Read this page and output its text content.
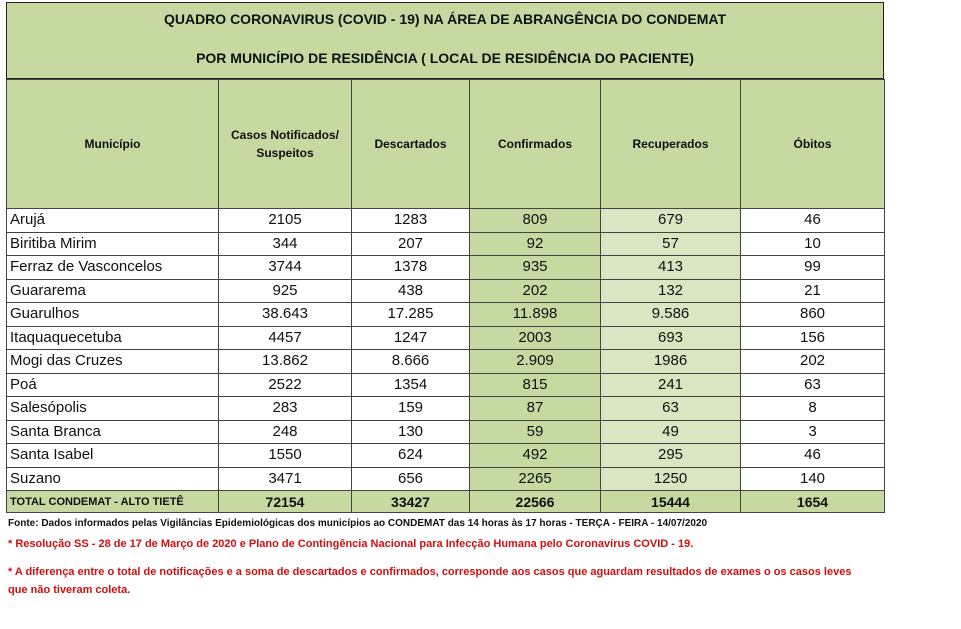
QUADRO CORONAVIRUS (COVID - 19) NA ÁREA DE ABRANGÊNCIA DO CONDEMAT
POR MUNICÍPIO DE RESIDÊNCIA ( LOCAL DE RESIDÊNCIA DO PACIENTE)
Município	Casos Notificados/ Suspeitos	Descartados	Confirmados	Recuperados	Óbitos
Arujá	2105	1283	809	679	46
Biritiba Mirim	344	207	92	57	10
Ferraz de Vasconcelos	3744	1378	935	413	99
Guararema	925	438	202	132	21
Guarulhos	38.643	17.285	11.898	9.586	860
Itaquaquecetuba	4457	1247	2003	693	156
Mogi das Cruzes	13.862	8.666	2.909	1986	202
Poá	2522	1354	815	241	63
Salesópolis	283	159	87	63	8
Santa Branca	248	130	59	49	3
Santa Isabel	1550	624	492	295	46
Suzano	3471	656	2265	1250	140
TOTAL CONDEMAT - ALTO TIETÊ	72154	33427	22566	15444	1654
Fonte: Dados informados pelas Vigilâncias Epidemiológicas dos municípios ao CONDEMAT das 14 horas às 17 horas - TERÇA - FEIRA - 14/07/2020
* Resolução SS - 28 de 17 de Março de 2020 e Plano de Contingência Nacional para Infecção Humana pelo Coronavírus COVID - 19.
* A diferença entre o total de notificações e a soma de descartados e confirmados, corresponde aos casos que aguardam resultados de exames o os casos leves
que não tiveram coleta.
